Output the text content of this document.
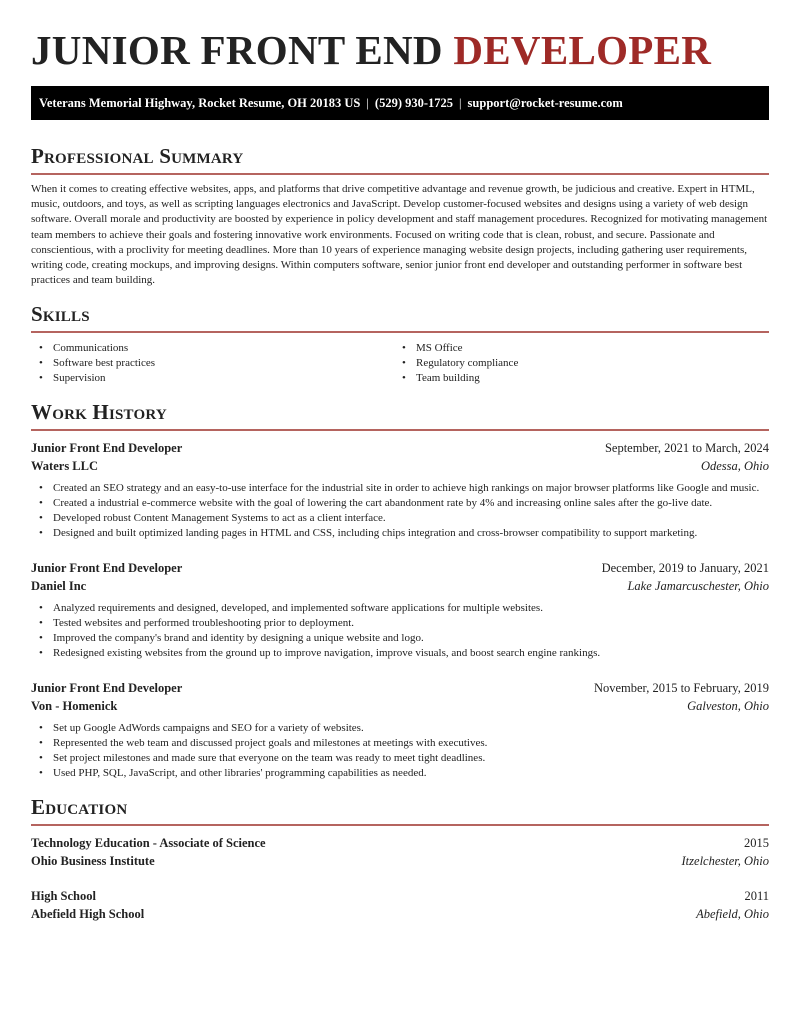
JUNIOR FRONT END DEVELOPER
Veterans Memorial Highway, Rocket Resume, OH 20183 US | (529) 930-1725 | support@rocket-resume.com
Professional Summary

When it comes to creating effective websites, apps, and platforms that drive competitive advantage and revenue growth, be judicious and creative. Expert in HTML, music, outdoors, and toys, as well as scripting languages electronics and JavaScript. Develop customer-focused websites and designs using a variety of web design software. Overall morale and productivity are boosted by experience in policy development and staff management procedures. Recognized for motivating management team members to achieve their goals and fostering innovative work environments. Focused on writing code that is clean, robust, and secure. Passionate and conscientious, with a proclivity for meeting deadlines. More than 10 years of experience managing website design projects, including gathering user requirements, writing code, creating mockups, and improving designs. Within computers software, senior junior front end developer and outstanding performer in software best practices and team building.

Skills
• Communications
• Software best practices
• Supervision
• MS Office
• Regulatory compliance
• Team building
Work History
Junior Front End Developer	September, 2021 to March, 2024
Waters LLC	Odessa, Ohio
• Created an SEO strategy and an easy-to-use interface for the industrial site in order to achieve high rankings on major browser platforms like Google and music.
• Created a industrial e-commerce website with the goal of lowering the cart abandonment rate by 4% and increasing online sales after the go-live date.
• Developed robust Content Management Systems to act as a client interface.
• Designed and built optimized landing pages in HTML and CSS, including chips integration and cross-browser compatibility to support marketing.
Junior Front End Developer	December, 2019 to January, 2021
Daniel Inc	Lake Jamarcuschester, Ohio
• Analyzed requirements and designed, developed, and implemented software applications for multiple websites.
• Tested websites and performed troubleshooting prior to deployment.
• Improved the company's brand and identity by designing a unique website and logo.
• Redesigned existing websites from the ground up to improve navigation, improve visuals, and boost search engine rankings.
Junior Front End Developer	November, 2015 to February, 2019
Von - Homenick	Galveston, Ohio
• Set up Google AdWords campaigns and SEO for a variety of websites.
• Represented the web team and discussed project goals and milestones at meetings with executives.
• Set project milestones and made sure that everyone on the team was ready to meet tight deadlines.
• Used PHP, SQL, JavaScript, and other libraries' programming capabilities as needed.
Education
Technology Education - Associate of Science	2015
Ohio Business Institute	Itzelchester, Ohio
High School	2011
Abefield High School	Abefield, Ohio
